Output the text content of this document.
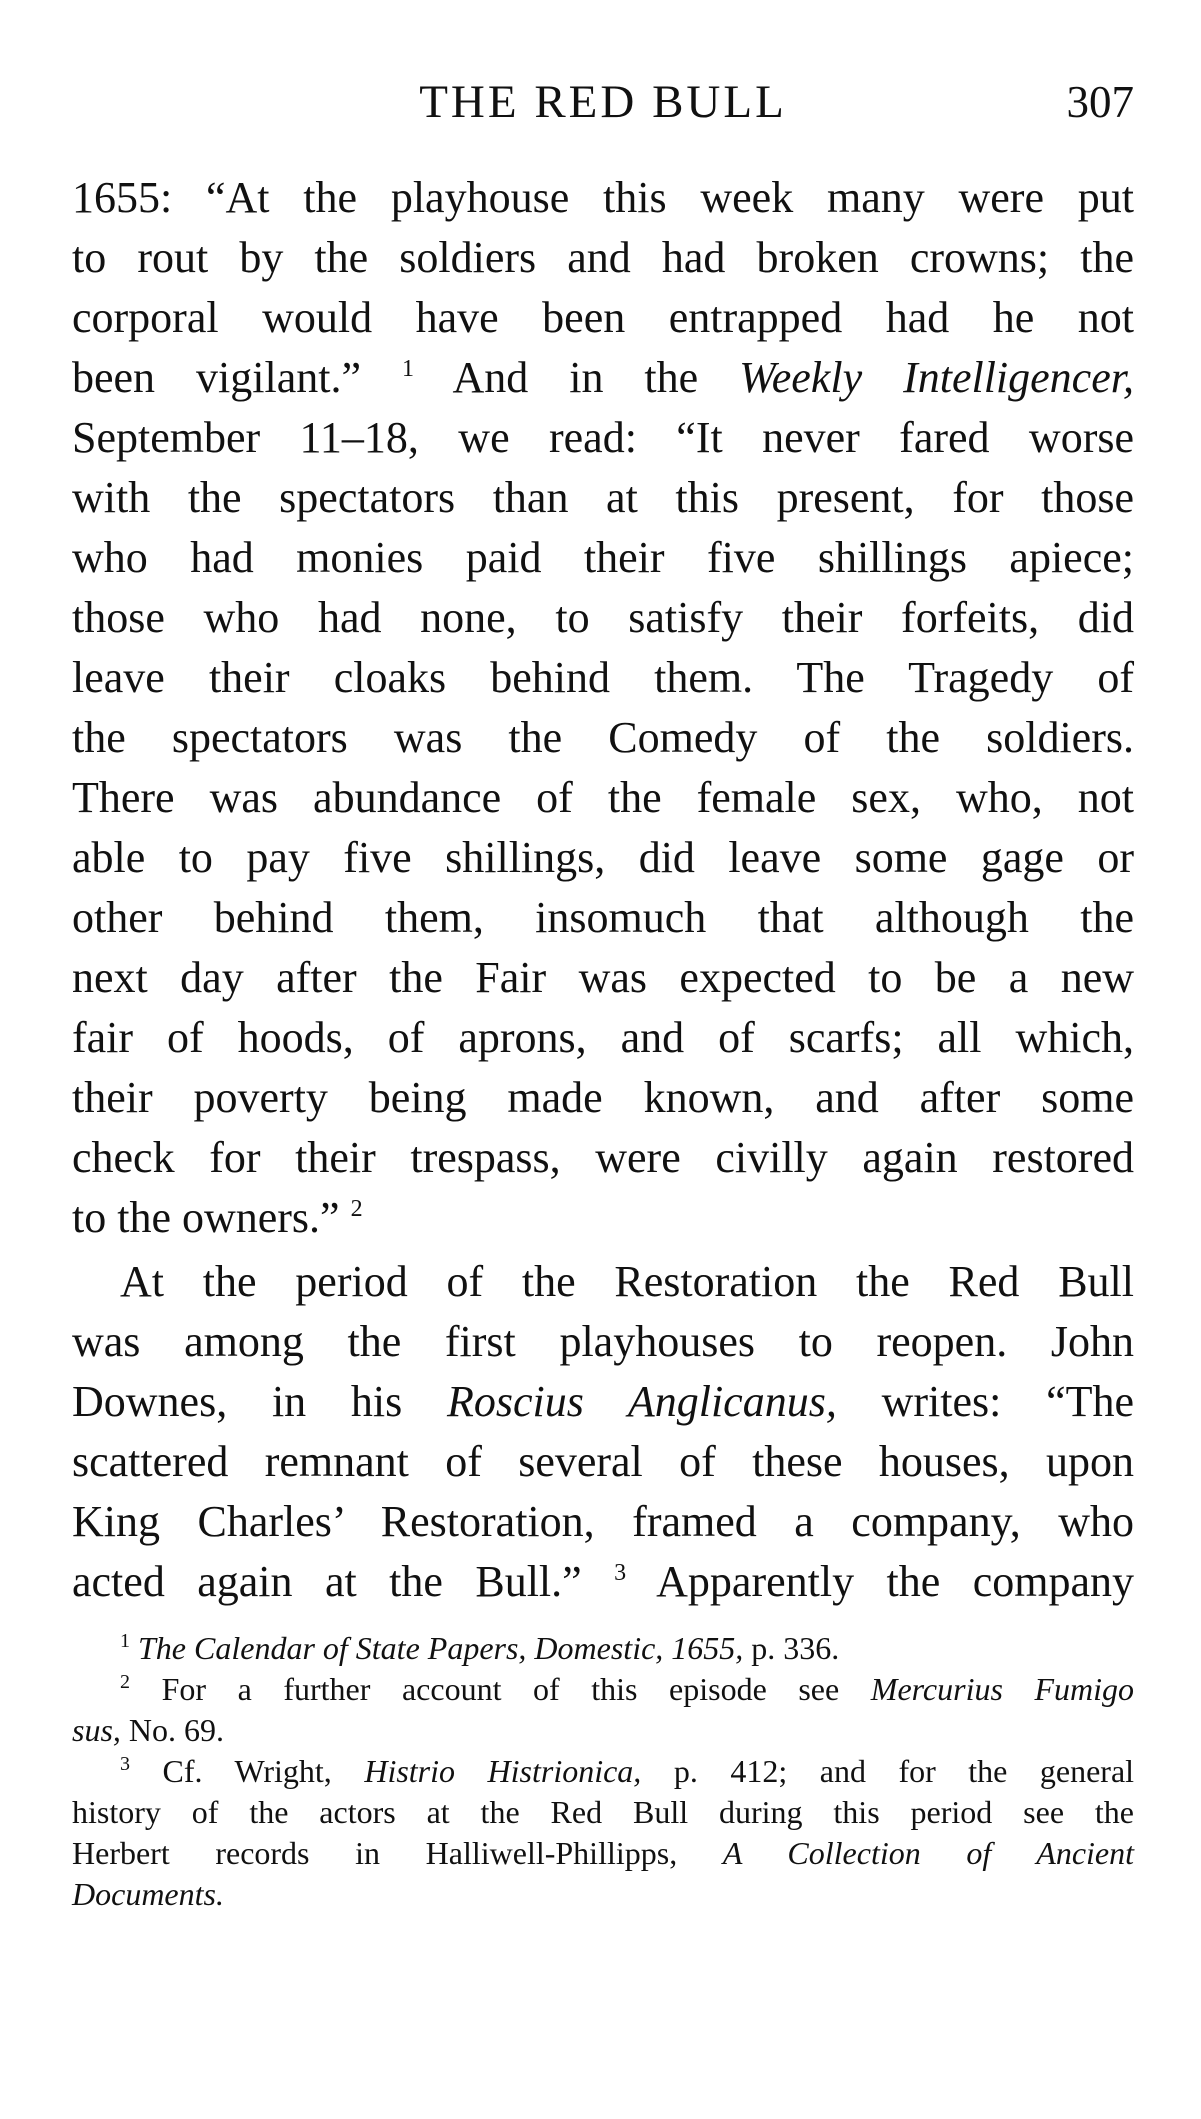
THE RED BULL	307
1655: “At the playhouse this week many were put
to rout by the soldiers and had broken crowns; the
corporal would have been entrapped had he not
been vigilant.” $^1$ And in the Weekly Intelligencer,
September 11–18, we read: “It never fared worse
with the spectators than at this present, for those
who had monies paid their five shillings apiece;
those who had none, to satisfy their forfeits, did
leave their cloaks behind them. The Tragedy of
the spectators was the Comedy of the soldiers.
There was abundance of the female sex, who, not
able to pay five shillings, did leave some gage or
other behind them, insomuch that although the
next day after the Fair was expected to be a new
fair of hoods, of aprons, and of scarfs; all which,
their poverty being made known, and after some
check for their trespass, were civilly again restored
to the owners.” $^2$
At the period of the Restoration the Red Bull
was among the first playhouses to reopen. John
Downes, in his Roscius Anglicanus, writes: “The
scattered remnant of several of these houses, upon
King Charles’ Restoration, framed a company, who
acted again at the Bull.” $^3$ Apparently the company
$^1$ The Calendar of State Papers, Domestic, 1655, p. 336.
$^2$ For a further account of this episode see Mercurius Fumigo
sus, No. 69.
$^3$ Cf. Wright, Histrio Histrionica, p. 412; and for the general
history of the actors at the Red Bull during this period see the
Herbert records in Halliwell-Phillipps, A Collection of Ancient
Documents.
